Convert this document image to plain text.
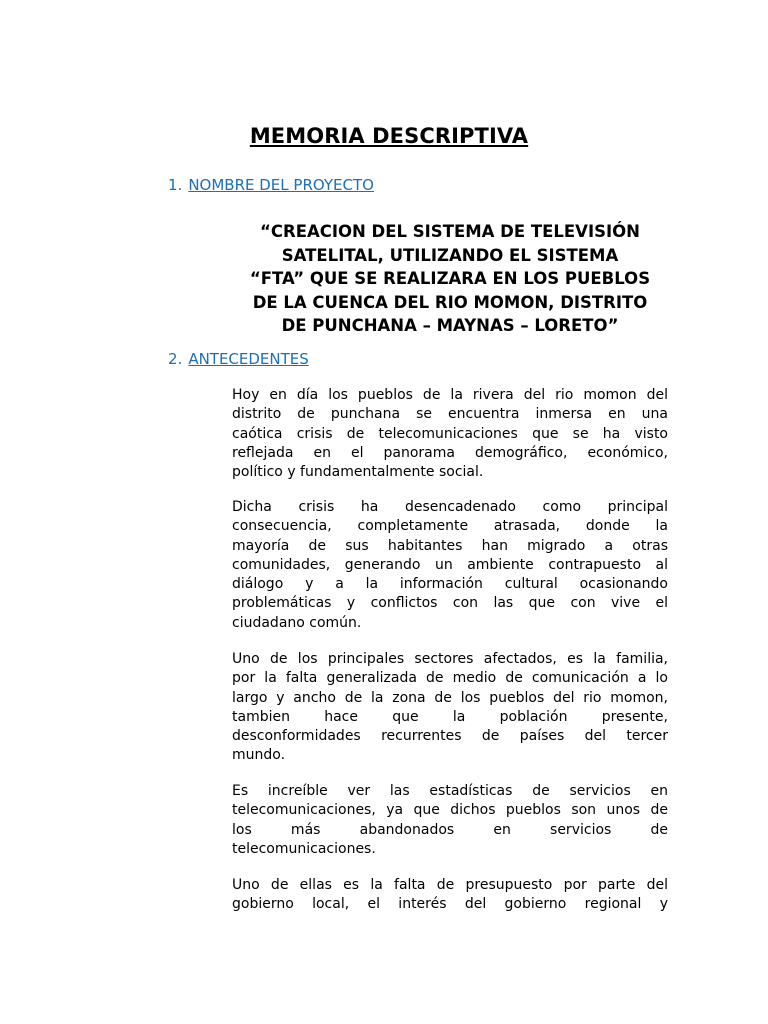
MEMORIA DESCRIPTIVA
1. NOMBRE DEL PROYECTO
“CREACION DEL SISTEMA DE TELEVISIÓN
SATELITAL, UTILIZANDO EL SISTEMA
“FTA” QUE SE REALIZARA EN LOS PUEBLOS
DE LA CUENCA DEL RIO MOMON, DISTRITO
DE PUNCHANA – MAYNAS – LORETO”
2. ANTECEDENTES
Hoy en día los pueblos de la rivera del rio momon del
distrito de punchana se encuentra inmersa en una
caótica crisis de telecomunicaciones que se ha visto
reflejada en el panorama demográfico, económico,
político y fundamentalmente social.
Dicha crisis ha desencadenado como principal
consecuencia, completamente atrasada, donde la
mayoría de sus habitantes han migrado a otras
comunidades, generando un ambiente contrapuesto al
diálogo y a la información cultural ocasionando
problemáticas y conflictos con las que con vive el
ciudadano común.
Uno de los principales sectores afectados, es la familia,
por la falta generalizada de medio de comunicación a lo
largo y ancho de la zona de los pueblos del rio momon,
tambien hace que la población presente,
desconformidades recurrentes de países del tercer
mundo.
Es increíble ver las estadísticas de servicios en
telecomunicaciones, ya que dichos pueblos son unos de
los más abandonados en servicios de
telecomunicaciones.
Uno de ellas es la falta de presupuesto por parte del
gobierno local, el interés del gobierno regional y
